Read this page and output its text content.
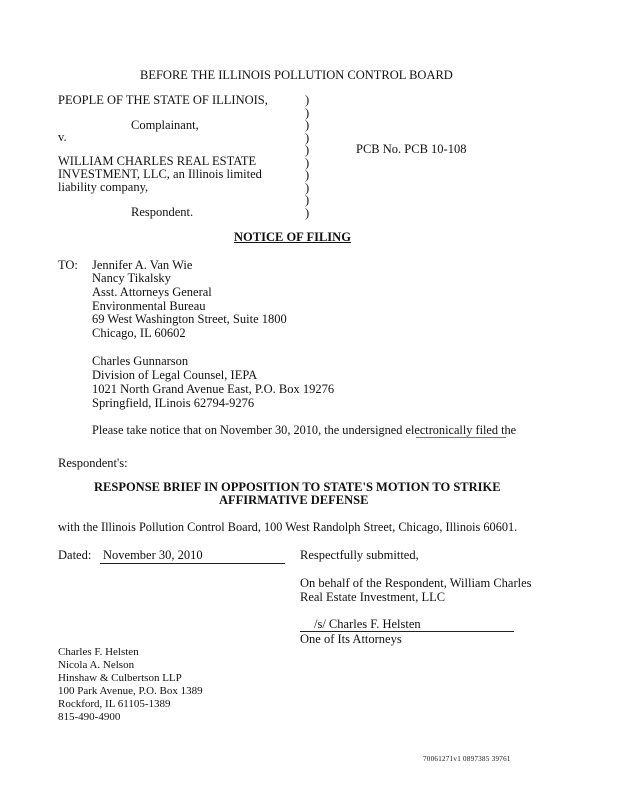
BEFORE THE ILLINOIS POLLUTION CONTROL BOARD
PEOPLE OF THE STATE OF ILLINOIS,
Complainant,
v.
WILLIAM CHARLES REAL ESTATE
INVESTMENT, LLC, an Illinois limited
liability company,
Respondent.
)
)
)
)
)
)
)
)
)
)
PCB No. PCB 10-108
NOTICE OF FILING
TO: Jennifer A. Van Wie
Nancy Tikalsky
Asst. Attorneys General
Environmental Bureau
69 West Washington Street, Suite 1800
Chicago, IL 60602
Charles Gunnarson
Division of Legal Counsel, IEPA
1021 North Grand Avenue East, P.O. Box 19276
Springfield, ILinois 62794-9276
Please take notice that on November 30, 2010, the undersigned electronically filed the
Respondent's:
RESPONSE BRIEF IN OPPOSITION TO STATE'S MOTION TO STRIKE
AFFIRMATIVE DEFENSE
with the Illinois Pollution Control Board, 100 West Randolph Street, Chicago, Illinois 60601.
Dated: November 30, 2010	Respectfully submitted,
On behalf of the Respondent, William Charles
Real Estate Investment, LLC
/s/ Charles F. Helsten
One of Its Attorneys
Charles F. Helsten
Nicola A. Nelson
Hinshaw & Culbertson LLP
100 Park Avenue, P.O. Box 1389
Rockford, IL 61105-1389
815-490-4900
70061271v1 0897385 39761
